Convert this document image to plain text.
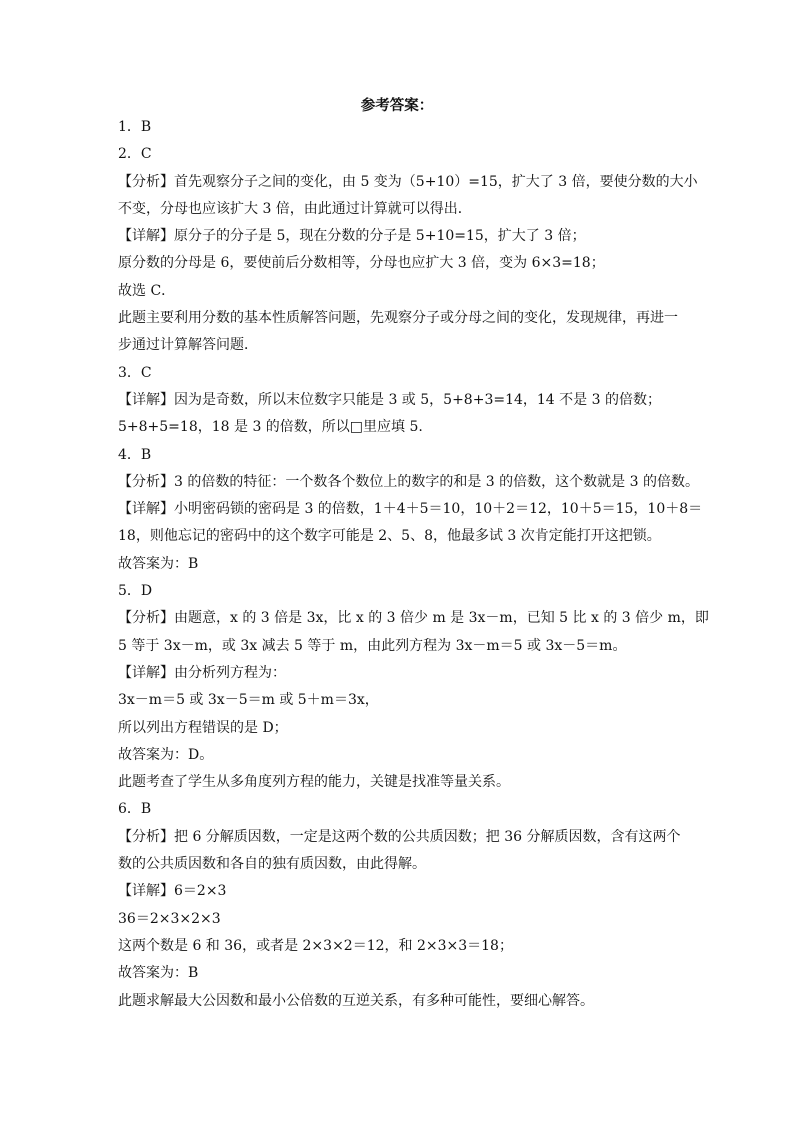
参考答案：
1．B
2．C
【分析】首先观察分子之间的变化，由 5 变为（5+10）=15，扩大了 3 倍，要使分数的大小
不变，分母也应该扩大 3 倍，由此通过计算就可以得出．
【详解】原分子的分子是 5，现在分数的分子是 5+10=15，扩大了 3 倍；
原分数的分母是 6，要使前后分数相等，分母也应扩大 3 倍，变为 6×3=18；
故选 C．
此题主要利用分数的基本性质解答问题，先观察分子或分母之间的变化，发现规律，再进一
步通过计算解答问题．
3．C
【详解】因为是奇数，所以末位数字只能是 3 或 5，5+8+3=14，14 不是 3 的倍数；
5+8+5=18，18 是 3 的倍数，所以□里应填 5.
4．B
【分析】3 的倍数的特征：一个数各个数位上的数字的和是 3 的倍数，这个数就是 3 的倍数。
【详解】小明密码锁的密码是 3 的倍数，1＋4＋5＝10，10＋2＝12，10＋5＝15，10＋8＝
18，则他忘记的密码中的这个数字可能是 2、5、8，他最多试 3 次肯定能打开这把锁。
故答案为：B
5．D
【分析】由题意，x 的 3 倍是 3x，比 x 的 3 倍少 m 是 3x－m，已知 5 比 x 的 3 倍少 m，即
5 等于 3x－m，或 3x 减去 5 等于 m，由此列方程为 3x－m＝5 或 3x－5＝m。
【详解】由分析列方程为：
3x－m＝5 或 3x－5＝m 或 5＋m＝3x，
所以列出方程错误的是 D；
故答案为：D。
此题考查了学生从多角度列方程的能力，关键是找准等量关系。
6．B
【分析】把 6 分解质因数，一定是这两个数的公共质因数；把 36 分解质因数，含有这两个
数的公共质因数和各自的独有质因数，由此得解。
【详解】6＝2×3
36＝2×3×2×3
这两个数是 6 和 36，或者是 2×3×2＝12，和 2×3×3＝18；
故答案为：B
此题求解最大公因数和最小公倍数的互逆关系，有多种可能性，要细心解答。
